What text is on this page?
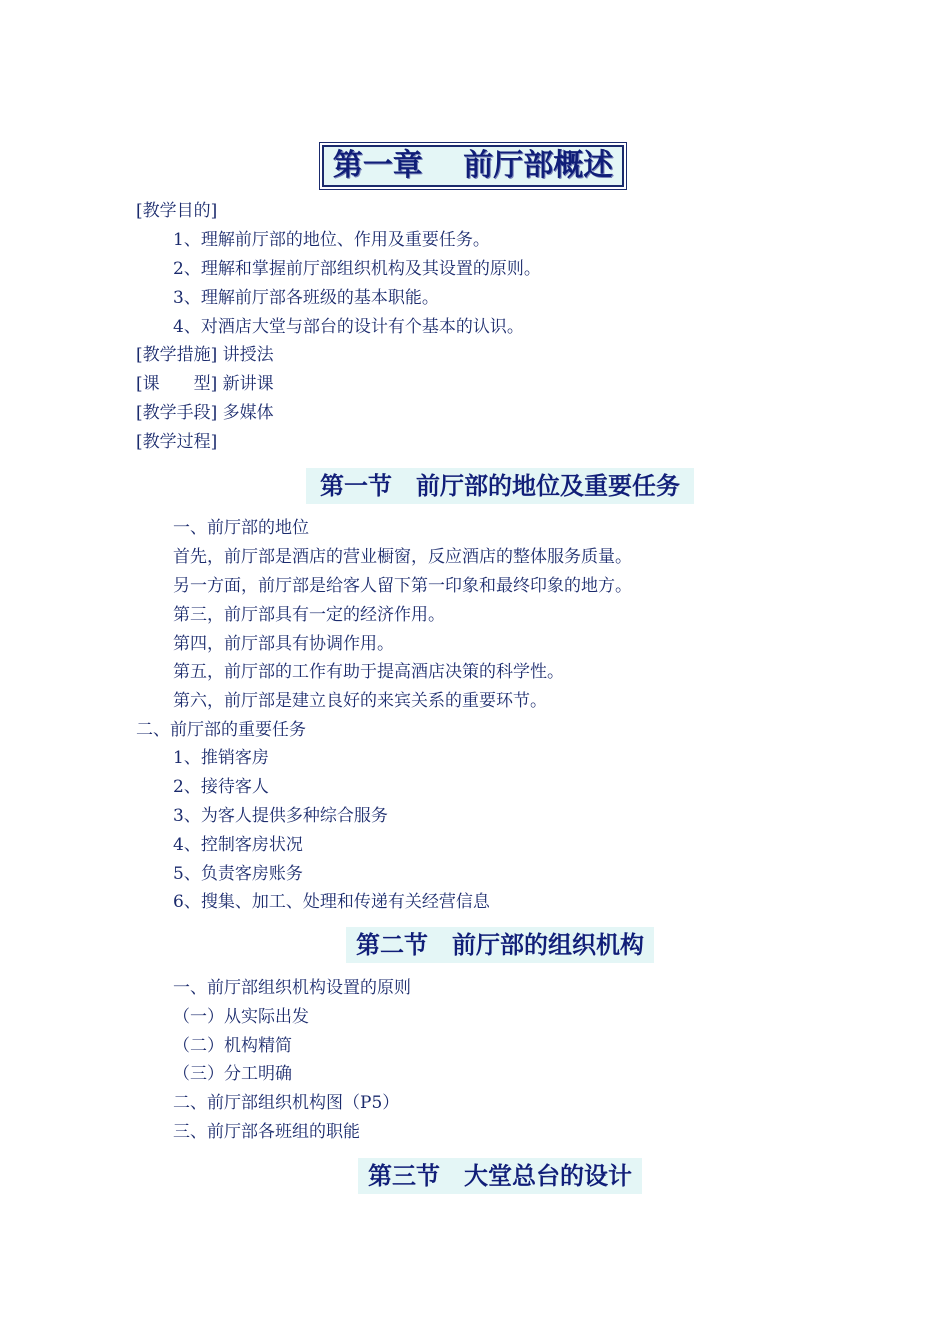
第一章　 前厅部概述
[教学目的]
1、理解前厅部的地位、作用及重要任务。
2、理解和掌握前厅部组织机构及其设置的原则。
3、理解前厅部各班级的基本职能。
4、对酒店大堂与部台的设计有个基本的认识。
[教学措施] 讲授法
[课　　型] 新讲课
[教学手段] 多媒体
[教学过程]
第一节　前厅部的地位及重要任务
一、前厅部的地位
首先，前厅部是酒店的营业橱窗，反应酒店的整体服务质量。
另一方面，前厅部是给客人留下第一印象和最终印象的地方。
第三，前厅部具有一定的经济作用。
第四，前厅部具有协调作用。
第五，前厅部的工作有助于提高酒店决策的科学性。
第六，前厅部是建立良好的来宾关系的重要环节。
二、前厅部的重要任务
1、推销客房
2、接待客人
3、为客人提供多种综合服务
4、控制客房状况
5、负责客房账务
6、搜集、加工、处理和传递有关经营信息
第二节　前厅部的组织机构
一、前厅部组织机构设置的原则
（一）从实际出发
（二）机构精简
（三）分工明确
二、前厅部组织机构图（P5）
三、前厅部各班组的职能
第三节　大堂总台的设计
